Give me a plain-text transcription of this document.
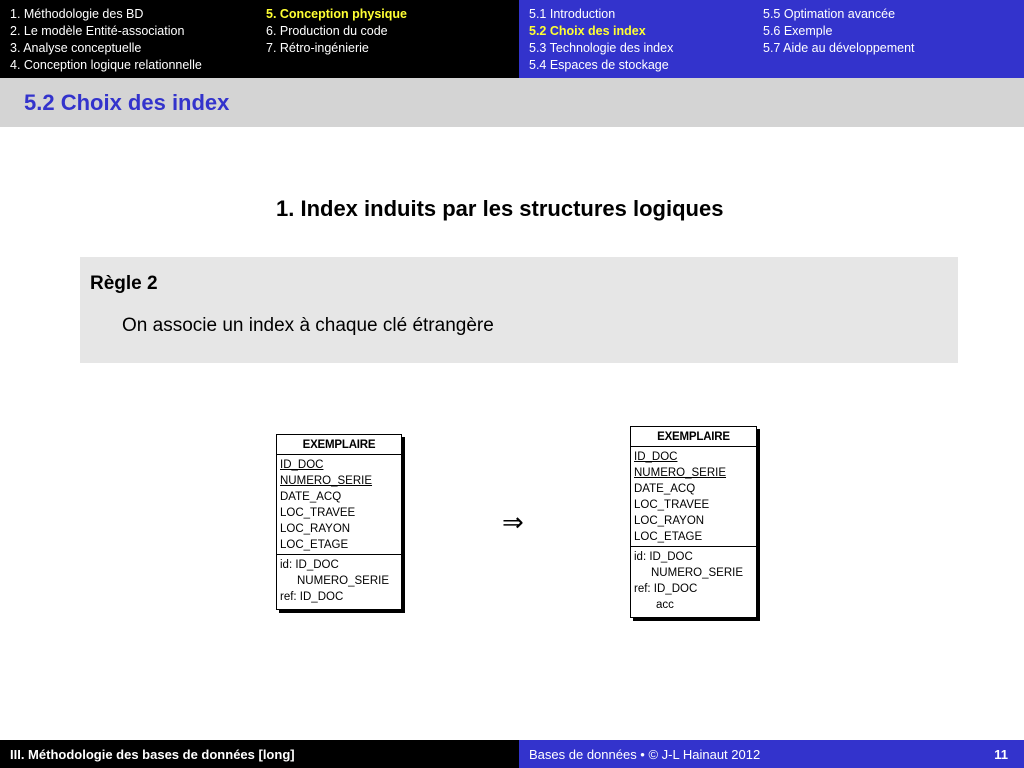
1. Méthodologie des BD
2. Le modèle Entité-association
3. Analyse conceptuelle
4. Conception logique relationnelle
5. Conception physique
6. Production du code
7. Rétro-ingénierie
5.1 Introduction
5.2 Choix des index
5.3 Technologie des index
5.4 Espaces de stockage
5.5 Optimation avancée
5.6 Exemple
5.7 Aide au développement
5.2 Choix des index
1. Index induits par les structures logiques
Règle 2
On associe un index à chaque clé étrangère
EXEMPLAIRE
ID_DOC
NUMERO_SERIE
DATE_ACQ
LOC_TRAVEE
LOC_RAYON
LOC_ETAGE
id: ID_DOC
NUMERO_SERIE
ref: ID_DOC
⇒
EXEMPLAIRE
ID_DOC
NUMERO_SERIE
DATE_ACQ
LOC_TRAVEE
LOC_RAYON
LOC_ETAGE
id: ID_DOC
NUMERO_SERIE
ref: ID_DOC
acc
III. Méthodologie des bases de données [long]	Bases de données • © J-L Hainaut 2012	11
